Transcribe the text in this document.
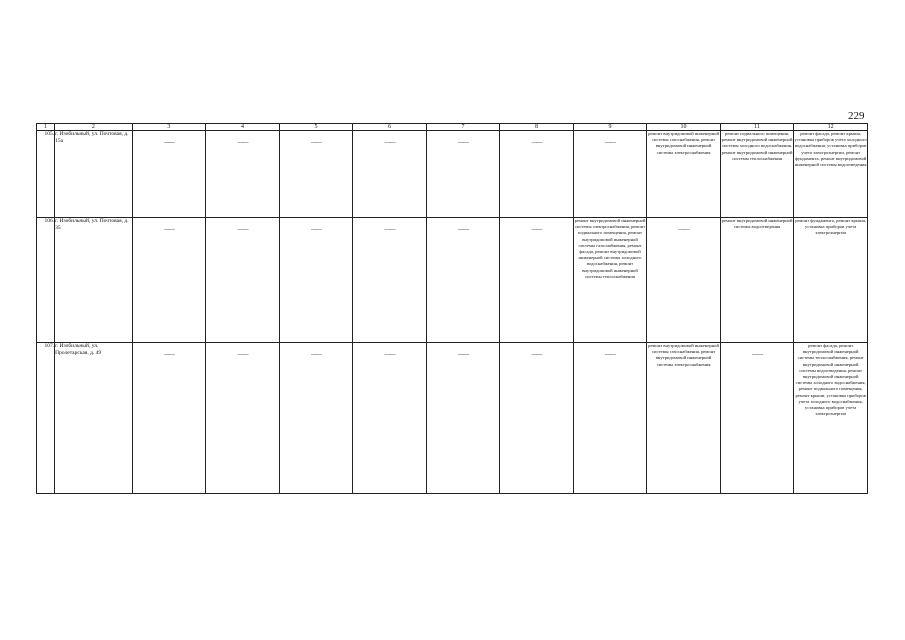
229
1	2	3	4	5	6	7	8	9	10	11	12
105.	г. Изобильный, ул. Почтовая, д. 15а	——	——	——	——	——	——	——	ремонт внутридомовой инженерной системы газоснабжения, ремонт внутридомовой инженерной системы электроснабжения	ремонт подвального помещения, ремонт внутридомовой инженерной системы холодного водоснабжения, ремонт внутридомовой инженерной системы теплоснабжения	ремонт фасада, ремонт крыши, установка приборов учета холодного водоснабжения, установка приборов учета электроэнергии, ремонт фундамента, ремонт внутридомовой инженерной системы водоотведения
106.	г. Изобильный, ул. Почтовая, д. 35	——	——	——	——	——	——	ремонт внутридомовой инженерной системы электроснабжения, ремонт подвального помещения, ремонт внутридомовой инженерной системы газоснабжения, ремонт фасада, ремонт внутридомовой инженерной системы холодного водоснабжения, ремонт внутридомовой инженерной системы теплоснабжения	——	ремонт внутридомовой инженерной системы водоотведения	ремонт фундамента, ремонт крыши, установка приборов учета электроэнергии
107.	г. Изобильный, ул. Пролетарская, д. 49	——	——	——	——	——	——	——	ремонт внутридомовой инженерной системы газоснабжения, ремонт внутридомовой инженерной системы электроснабжения	——	ремонт фасада, ремонт внутридомовой инженерной системы теплоснабжения, ремонт внутридомовой инженерной системы водоотведения, ремонт внутридомовой инженерной системы холодного водоснабжения, ремонт подвального помещения, ремонт крыши, установка приборов учета холодного водоснабжения, установка приборов учета электроэнергии
